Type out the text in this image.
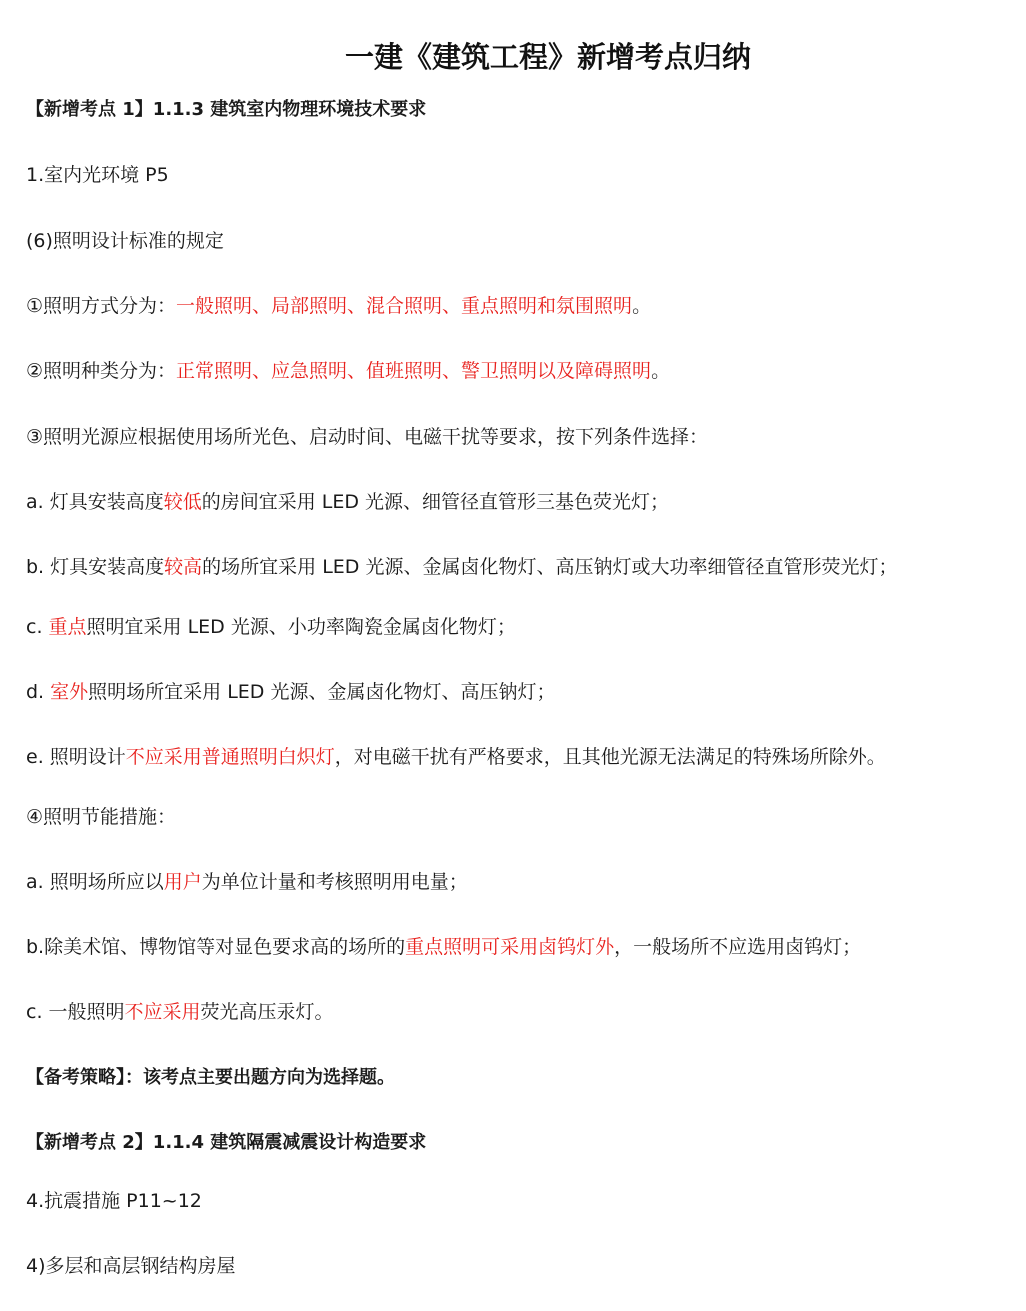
一建《建筑工程》新增考点归纳
【新增考点 1】1.1.3 建筑室内物理环境技术要求
1.室内光环境 P5
(6)照明设计标准的规定
①照明方式分为：一般照明、局部照明、混合照明、重点照明和氛围照明。
②照明种类分为：正常照明、应急照明、值班照明、警卫照明以及障碍照明。
③照明光源应根据使用场所光色、启动时间、电磁干扰等要求，按下列条件选择：
a. 灯具安装高度较低的房间宜采用 LED 光源、细管径直管形三基色荧光灯；
b. 灯具安装高度较高的场所宜采用 LED 光源、金属卤化物灯、高压钠灯或大功率细管径直管形荧光灯；
c. 重点照明宜采用 LED 光源、小功率陶瓷金属卤化物灯；
d. 室外照明场所宜采用 LED 光源、金属卤化物灯、高压钠灯；
e. 照明设计不应采用普通照明白炽灯，对电磁干扰有严格要求，且其他光源无法满足的特殊场所除外。
④照明节能措施：
a. 照明场所应以用户为单位计量和考核照明用电量；
b.除美术馆、博物馆等对显色要求高的场所的重点照明可采用卤钨灯外，一般场所不应选用卤钨灯；
c. 一般照明不应采用荧光高压汞灯。
【备考策略】：该考点主要出题方向为选择题。
【新增考点 2】1.1.4 建筑隔震减震设计构造要求
4.抗震措施 P11~12
4)多层和高层钢结构房屋
